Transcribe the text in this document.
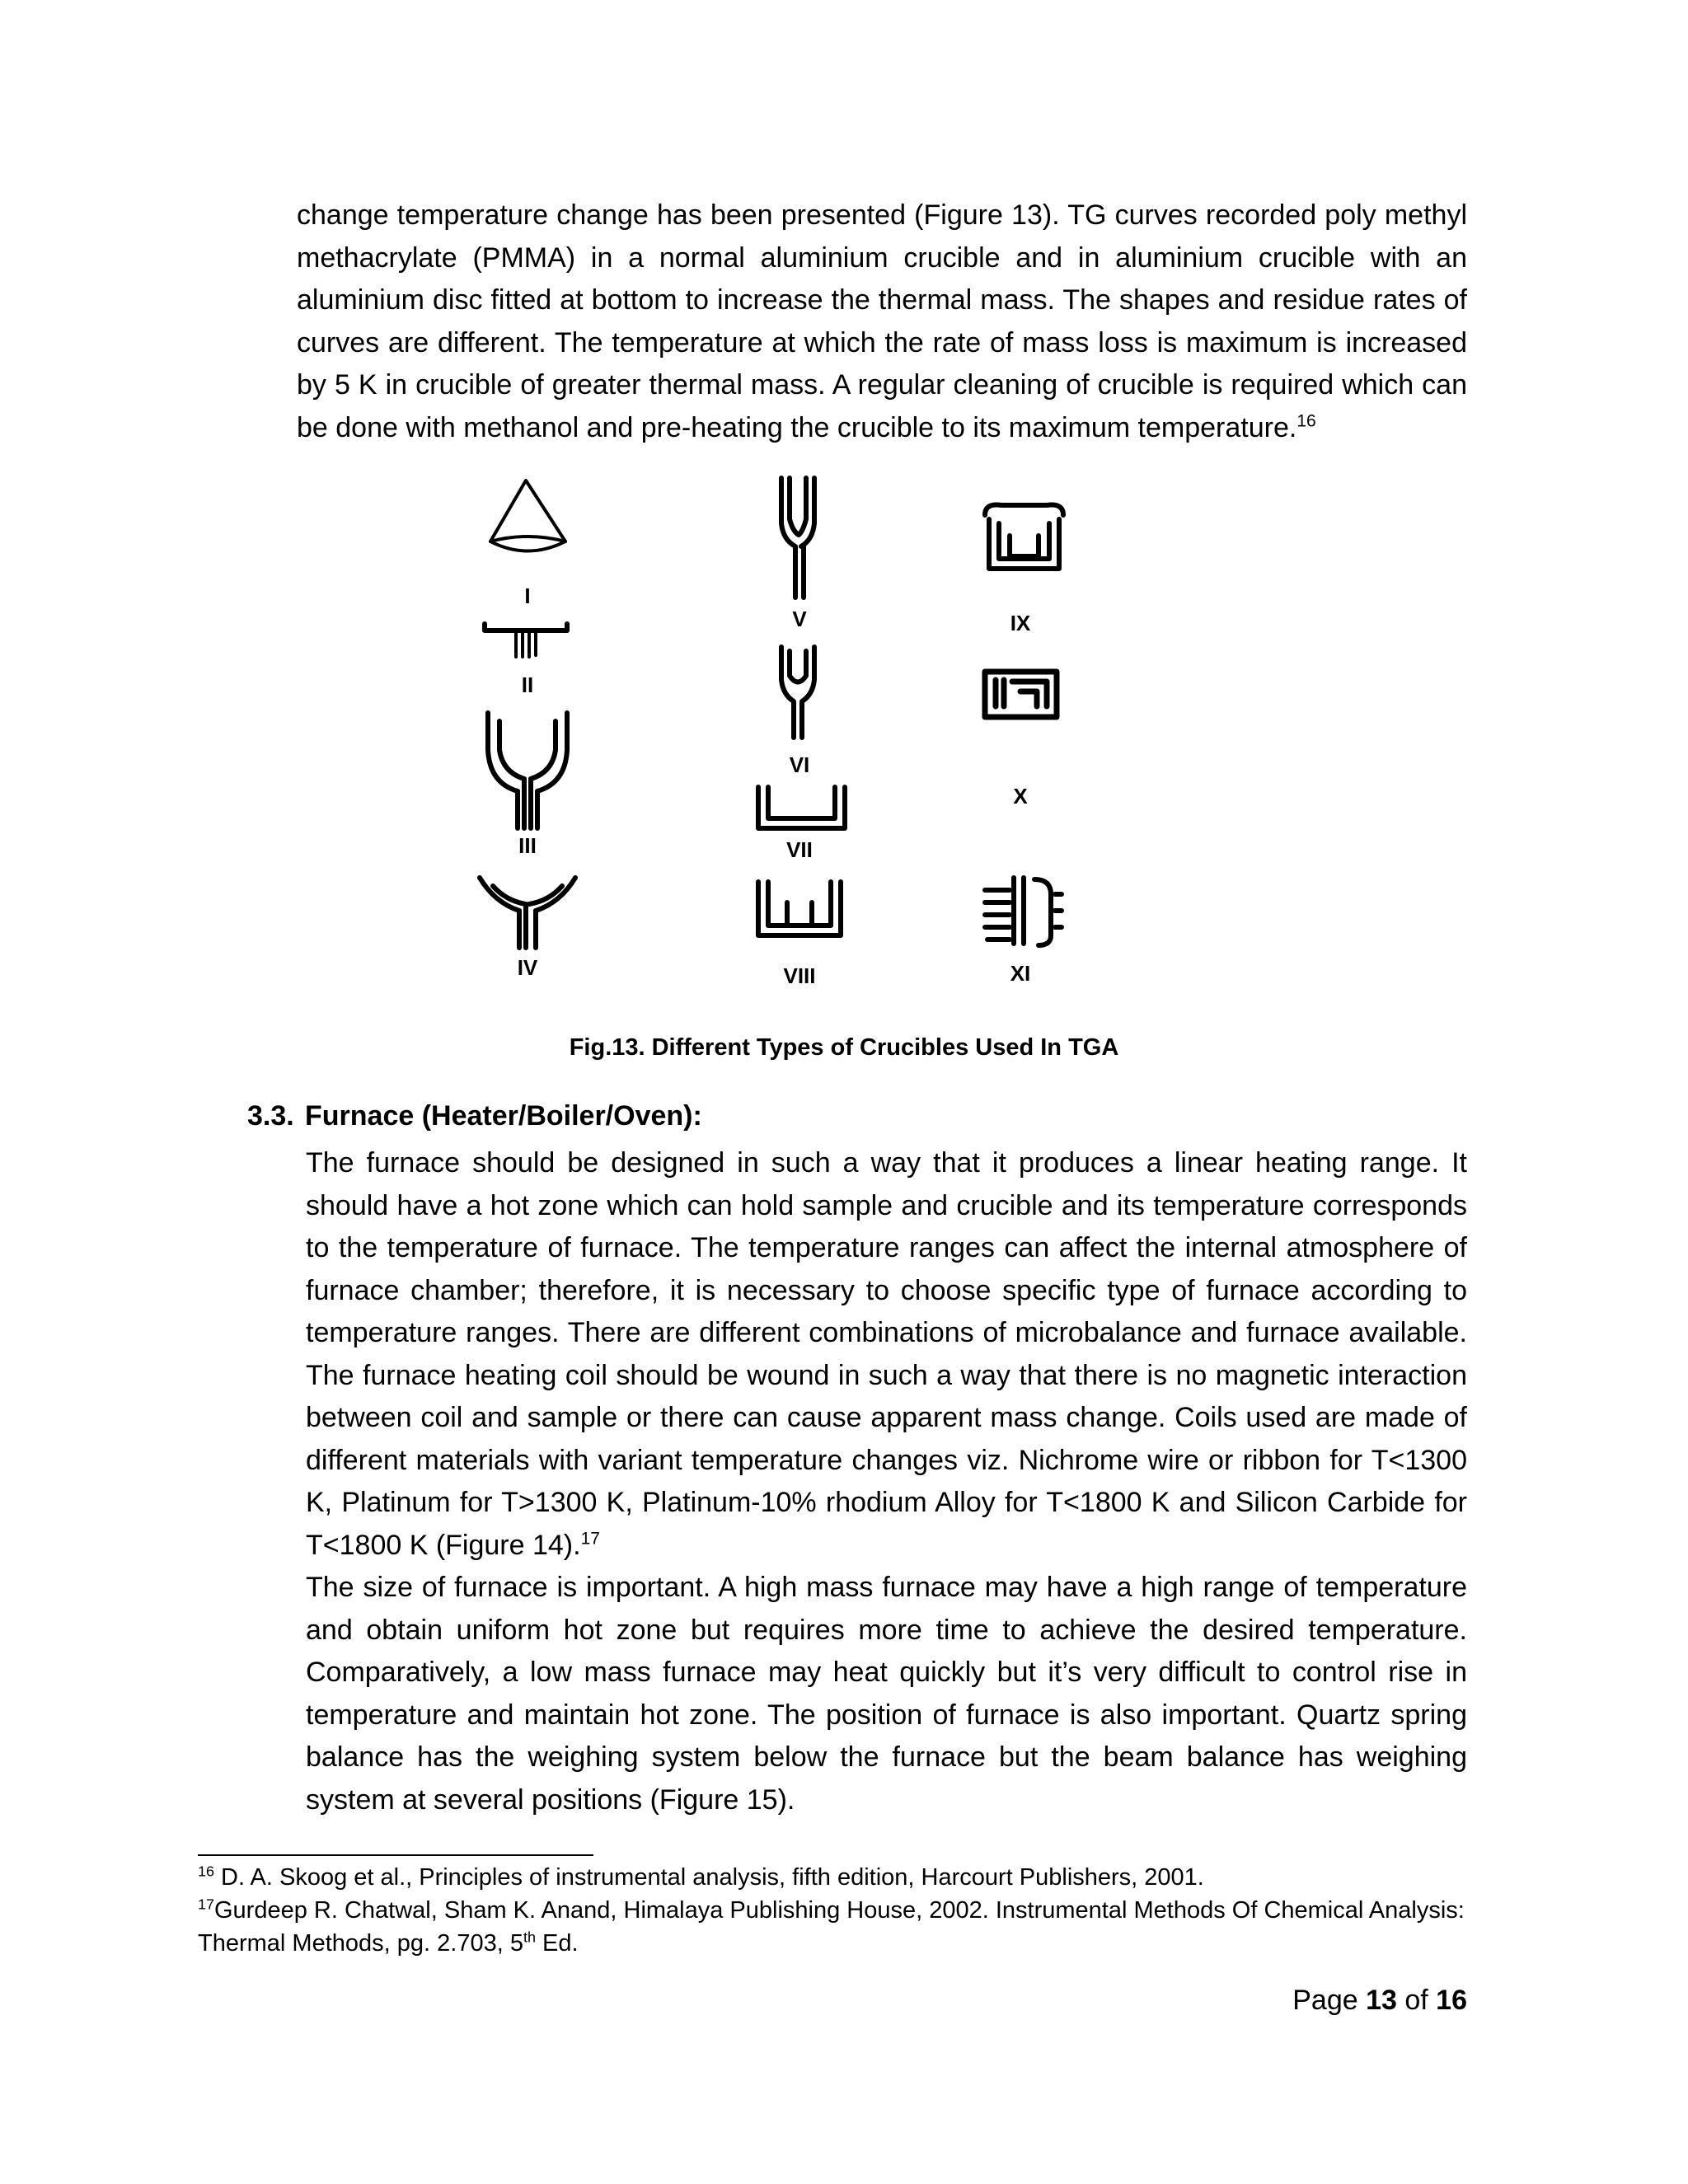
change temperature change has been presented (Figure 13). TG curves recorded poly methyl methacrylate (PMMA) in a normal aluminium crucible and in aluminium crucible with an aluminium disc fitted at bottom to increase the thermal mass. The shapes and residue rates of curves are different. The temperature at which the rate of mass loss is maximum is increased by 5 K in crucible of greater thermal mass. A regular cleaning of crucible is required which can be done with methanol and pre-heating the crucible to its maximum temperature.$^{16}$

I
II
III
IV
V
VI
VII
VIII
IX
X
XI
Fig.13. Different Types of Crucibles Used In TGA
3.3. Furnace (Heater/Boiler/Oven):

The furnace should be designed in such a way that it produces a linear heating range. It should have a hot zone which can hold sample and crucible and its temperature corresponds to the temperature of furnace. The temperature ranges can affect the internal atmosphere of furnace chamber; therefore, it is necessary to choose specific type of furnace according to temperature ranges. There are different combinations of microbalance and furnace available. The furnace heating coil should be wound in such a way that there is no magnetic interaction between coil and sample or there can cause apparent mass change. Coils used are made of different materials with variant temperature changes viz. Nichrome wire or ribbon for T<1300 K, Platinum for T>1300 K, Platinum-10% rhodium Alloy for T<1800 K and Silicon Carbide for T<1800 K (Figure 14).$^{17}$

The size of furnace is important. A high mass furnace may have a high range of temperature and obtain uniform hot zone but requires more time to achieve the desired temperature. Comparatively, a low mass furnace may heat quickly but it’s very difficult to control rise in temperature and maintain hot zone. The position of furnace is also important. Quartz spring balance has the weighing system below the furnace but the beam balance has weighing system at several positions (Figure 15).

$^{16}$ D. A. Skoog et al., Principles of instrumental analysis, fifth edition, Harcourt Publishers, 2001.

$^{17}$Gurdeep R. Chatwal, Sham K. Anand, Himalaya Publishing House, 2002. Instrumental Methods Of Chemical Analysis: Thermal Methods, pg. 2.703, 5th Ed.

Page 13 of 16
